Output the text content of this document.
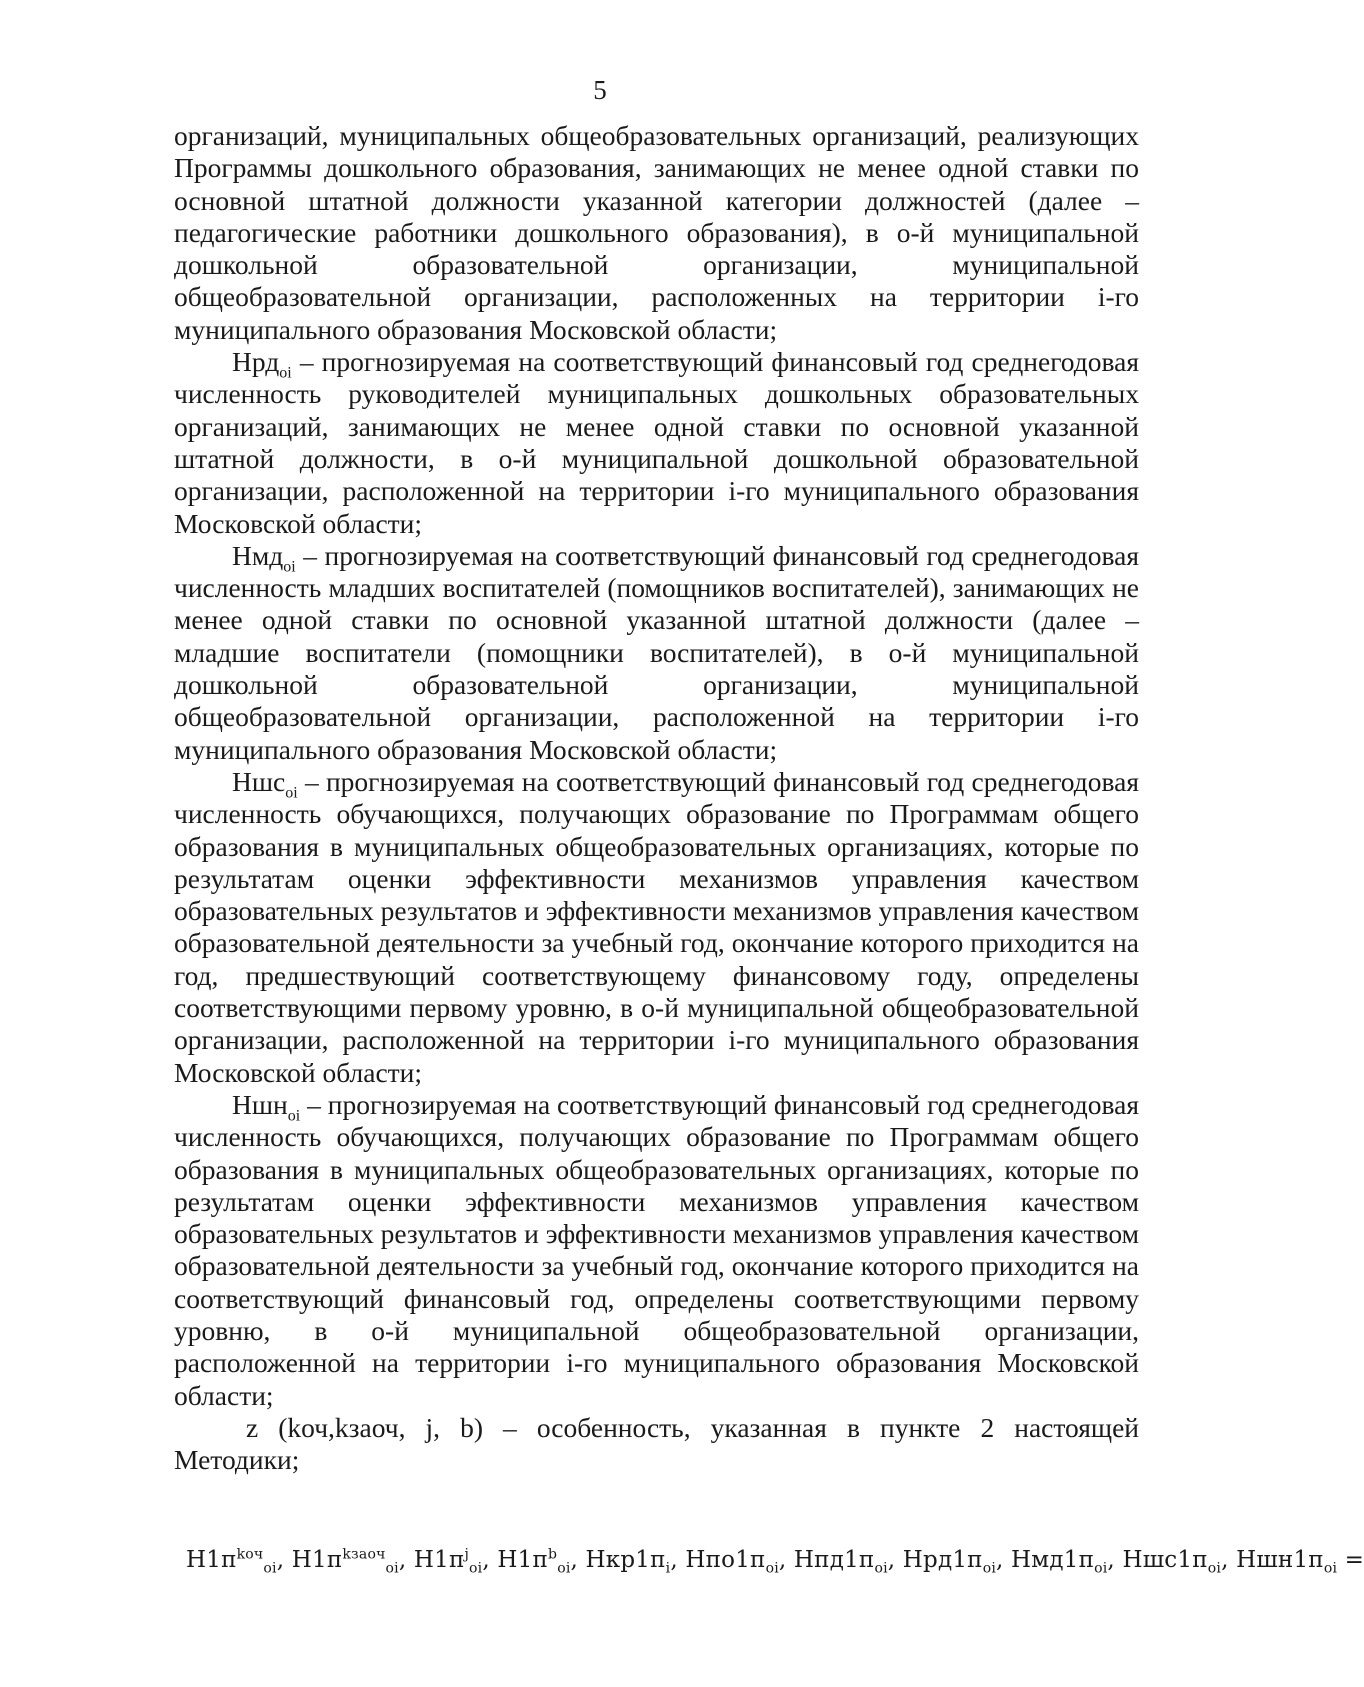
5

организаций, муниципальных общеобразовательных организаций, реализующих Программы дошкольного образования, занимающих не менее одной ставки по основной штатной должности указанной категории должностей (далее – педагогические работники дошкольного образования), в о-й муниципальной дошкольной образовательной организации, муниципальной общеобразовательной организации, расположенных на территории i-го муниципального образования Московской области;

Нрд$_{oi}$ – прогнозируемая на соответствующий финансовый год среднегодовая численность руководителей муниципальных дошкольных образовательных организаций, занимающих не менее одной ставки по основной указанной штатной должности, в о-й муниципальной дошкольной образовательной организации, расположенной на территории i-го муниципального образования Московской области;

Нмд$_{oi}$ – прогнозируемая на соответствующий финансовый год среднегодовая численность младших воспитателей (помощников воспитателей), занимающих не менее одной ставки по основной указанной штатной должности (далее – младшие воспитатели (помощники воспитателей), в о-й муниципальной дошкольной образовательной организации, муниципальной общеобразовательной организации, расположенной на территории i-го муниципального образования Московской области;

Ншс$_{oi}$ – прогнозируемая на соответствующий финансовый год среднегодовая численность обучающихся, получающих образование по Программам общего образования в муниципальных общеобразовательных организациях, которые по результатам оценки эффективности механизмов управления качеством образовательных результатов и эффективности механизмов управления качеством образовательной деятельности за учебный год, окончание которого приходится на год, предшествующий соответствующему финансовому году, определены соответствующими первому уровню, в о-й муниципальной общеобразовательной организации, расположенной на территории i-го муниципального образования Московской области;

Ншн$_{oi}$ – прогнозируемая на соответствующий финансовый год среднегодовая численность обучающихся, получающих образование по Программам общего образования в муниципальных общеобразовательных организациях, которые по результатам оценки эффективности механизмов управления качеством образовательных результатов и эффективности механизмов управления качеством образовательной деятельности за учебный год, окончание которого приходится на соответствующий финансовый год, определены соответствующими первому уровню, в о-й муниципальной общеобразовательной организации, расположенной на территории i-го муниципального образования Московской области;

z (kоч,kзаоч, j, b) – особенность, указанная в пункте 2 настоящей Методики;

$Н1п^{kоч}_{oi}$, $Н1п^{kзаоч}_{oi}$, $Н1п^j_{oi}$, $Н1п^b_{oi}$, $Нкр1п_i$, $Нпо1п_{oi}$, $Нпд1п_{oi}$, $Нрд1п_{oi}$, $Нмд1п_{oi}$, $Ншс1п_{oi}$, $Ншн1п_{oi}$ =
